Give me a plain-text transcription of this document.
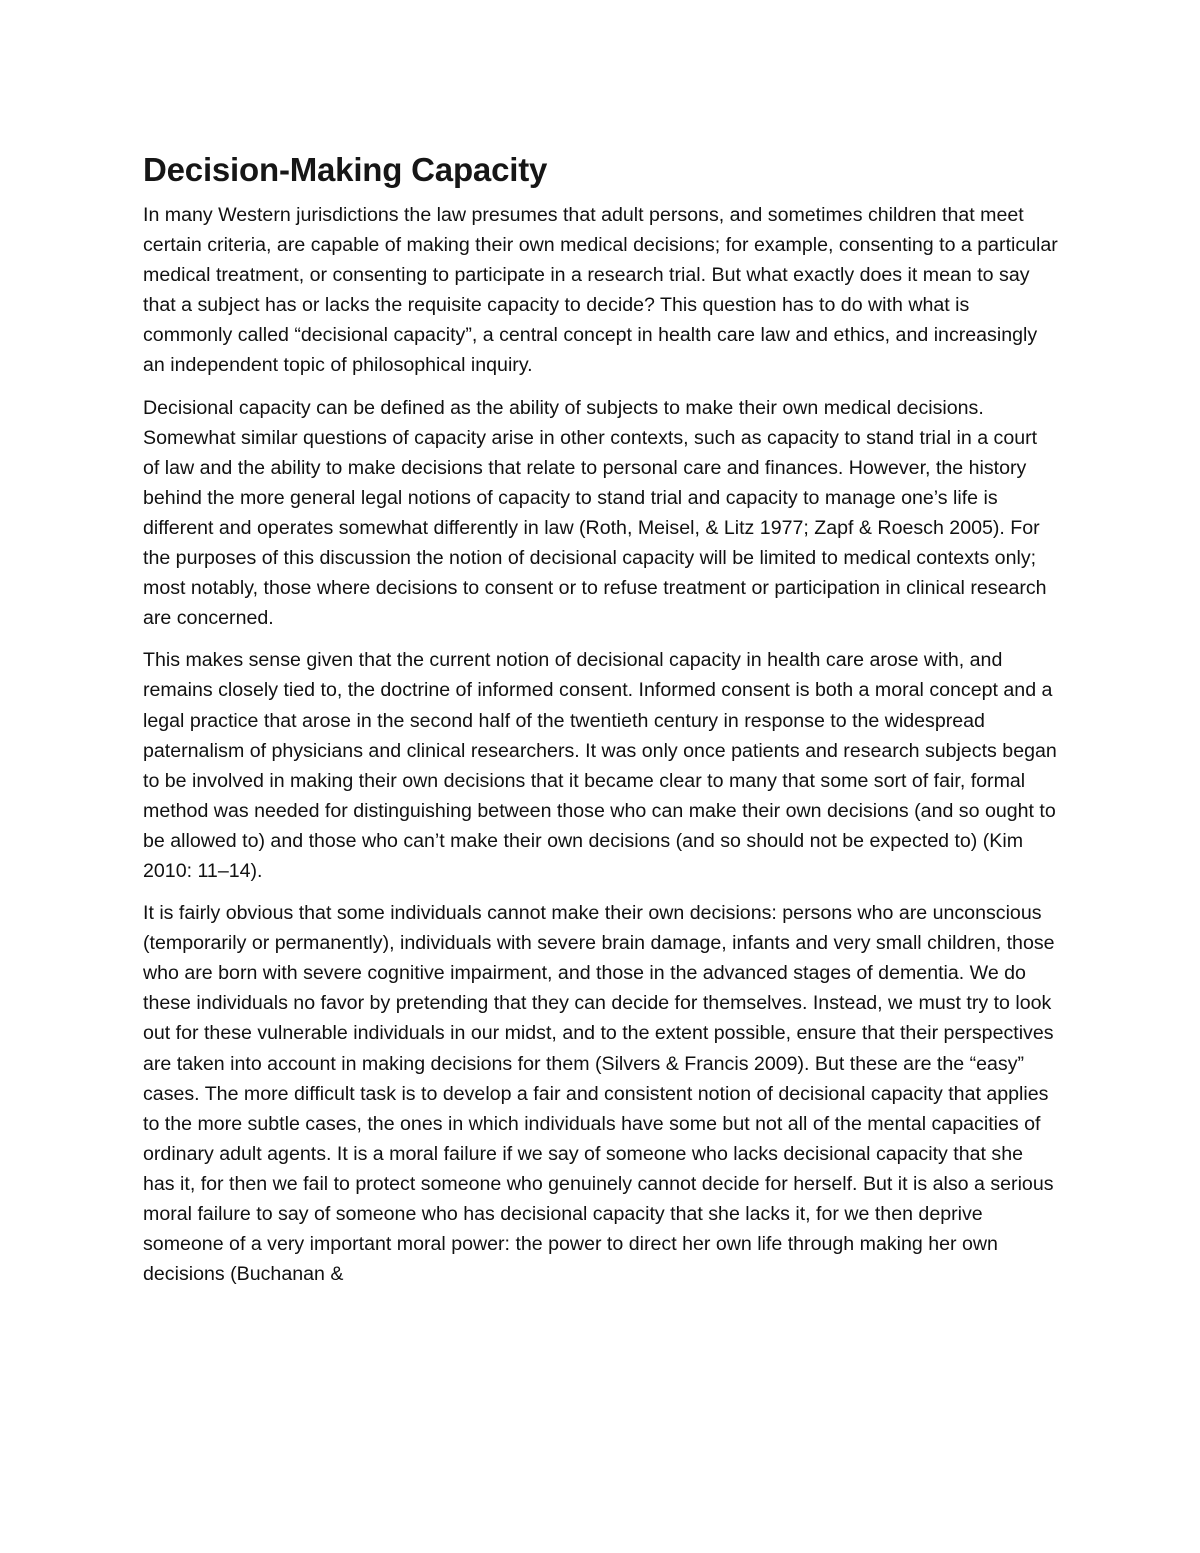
Decision-Making Capacity

In many Western jurisdictions the law presumes that adult persons, and sometimes children that meet certain criteria, are capable of making their own medical decisions; for example, consenting to a particular medical treatment, or consenting to participate in a research trial. But what exactly does it mean to say that a subject has or lacks the requisite capacity to decide? This question has to do with what is commonly called “decisional capacity”, a central concept in health care law and ethics, and increasingly an independent topic of philosophical inquiry.

Decisional capacity can be defined as the ability of subjects to make their own medical decisions. Somewhat similar questions of capacity arise in other contexts, such as capacity to stand trial in a court of law and the ability to make decisions that relate to personal care and finances. However, the history behind the more general legal notions of capacity to stand trial and capacity to manage one’s life is different and operates somewhat differently in law (Roth, Meisel, & Litz 1977; Zapf & Roesch 2005). For the purposes of this discussion the notion of decisional capacity will be limited to medical contexts only; most notably, those where decisions to consent or to refuse treatment or participation in clinical research are concerned.

This makes sense given that the current notion of decisional capacity in health care arose with, and remains closely tied to, the doctrine of informed consent. Informed consent is both a moral concept and a legal practice that arose in the second half of the twentieth century in response to the widespread paternalism of physicians and clinical researchers. It was only once patients and research subjects began to be involved in making their own decisions that it became clear to many that some sort of fair, formal method was needed for distinguishing between those who can make their own decisions (and so ought to be allowed to) and those who can’t make their own decisions (and so should not be expected to) (Kim 2010: 11–14).

It is fairly obvious that some individuals cannot make their own decisions: persons who are unconscious (temporarily or permanently), individuals with severe brain damage, infants and very small children, those who are born with severe cognitive impairment, and those in the advanced stages of dementia. We do these individuals no favor by pretending that they can decide for themselves. Instead, we must try to look out for these vulnerable individuals in our midst, and to the extent possible, ensure that their perspectives are taken into account in making decisions for them (Silvers & Francis 2009). But these are the “easy” cases. The more difficult task is to develop a fair and consistent notion of decisional capacity that applies to the more subtle cases, the ones in which individuals have some but not all of the mental capacities of ordinary adult agents. It is a moral failure if we say of someone who lacks decisional capacity that she has it, for then we fail to protect someone who genuinely cannot decide for herself. But it is also a serious moral failure to say of someone who has decisional capacity that she lacks it, for we then deprive someone of a very important moral power: the power to direct her own life through making her own decisions (Buchanan &
